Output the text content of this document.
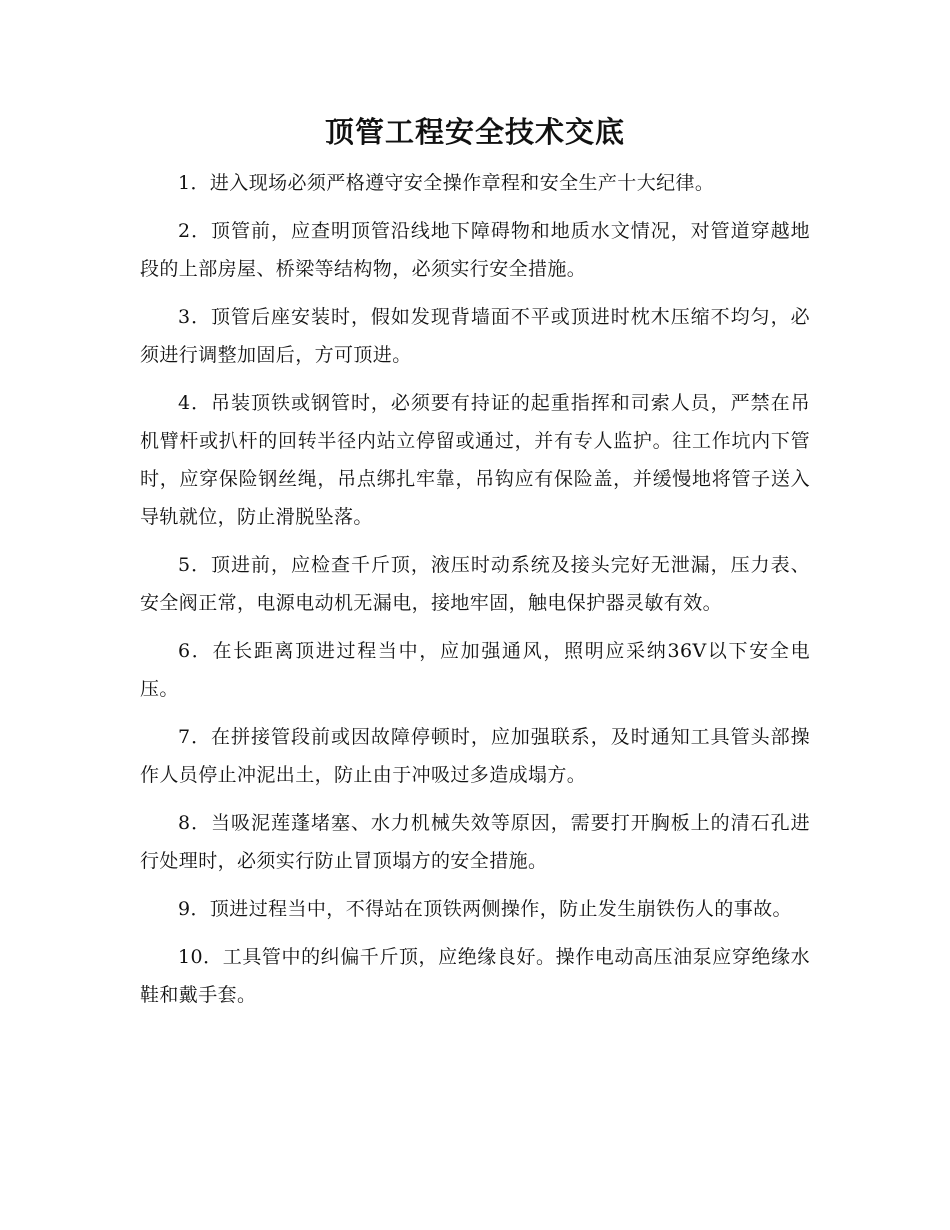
顶管工程安全技术交底

1．进入现场必须严格遵守安全操作章程和安全生产十大纪律。

2．顶管前，应查明顶管沿线地下障碍物和地质水文情况，对管道穿越地段的上部房屋、桥梁等结构物，必须实行安全措施。

3．顶管后座安装时，假如发现背墙面不平或顶进时枕木压缩不均匀，必须进行调整加固后，方可顶进。

4．吊装顶铁或钢管时，必须要有持证的起重指挥和司索人员，严禁在吊机臂杆或扒杆的回转半径内站立停留或通过，并有专人监护。往工作坑内下管时，应穿保险钢丝绳，吊点绑扎牢靠，吊钩应有保险盖，并缓慢地将管子送入导轨就位，防止滑脱坠落。

5．顶进前，应检查千斤顶，液压时动系统及接头完好无泄漏，压力表、安全阀正常，电源电动机无漏电，接地牢固，触电保护器灵敏有效。

6．在长距离顶进过程当中，应加强通风，照明应采纳36V以下安全电压。

7．在拼接管段前或因故障停顿时，应加强联系，及时通知工具管头部操作人员停止冲泥出土，防止由于冲吸过多造成塌方。

8．当吸泥莲蓬堵塞、水力机械失效等原因，需要打开胸板上的清石孔进行处理时，必须实行防止冒顶塌方的安全措施。

9．顶进过程当中，不得站在顶铁两侧操作，防止发生崩铁伤人的事故。

10．工具管中的纠偏千斤顶，应绝缘良好。操作电动高压油泵应穿绝缘水鞋和戴手套。
